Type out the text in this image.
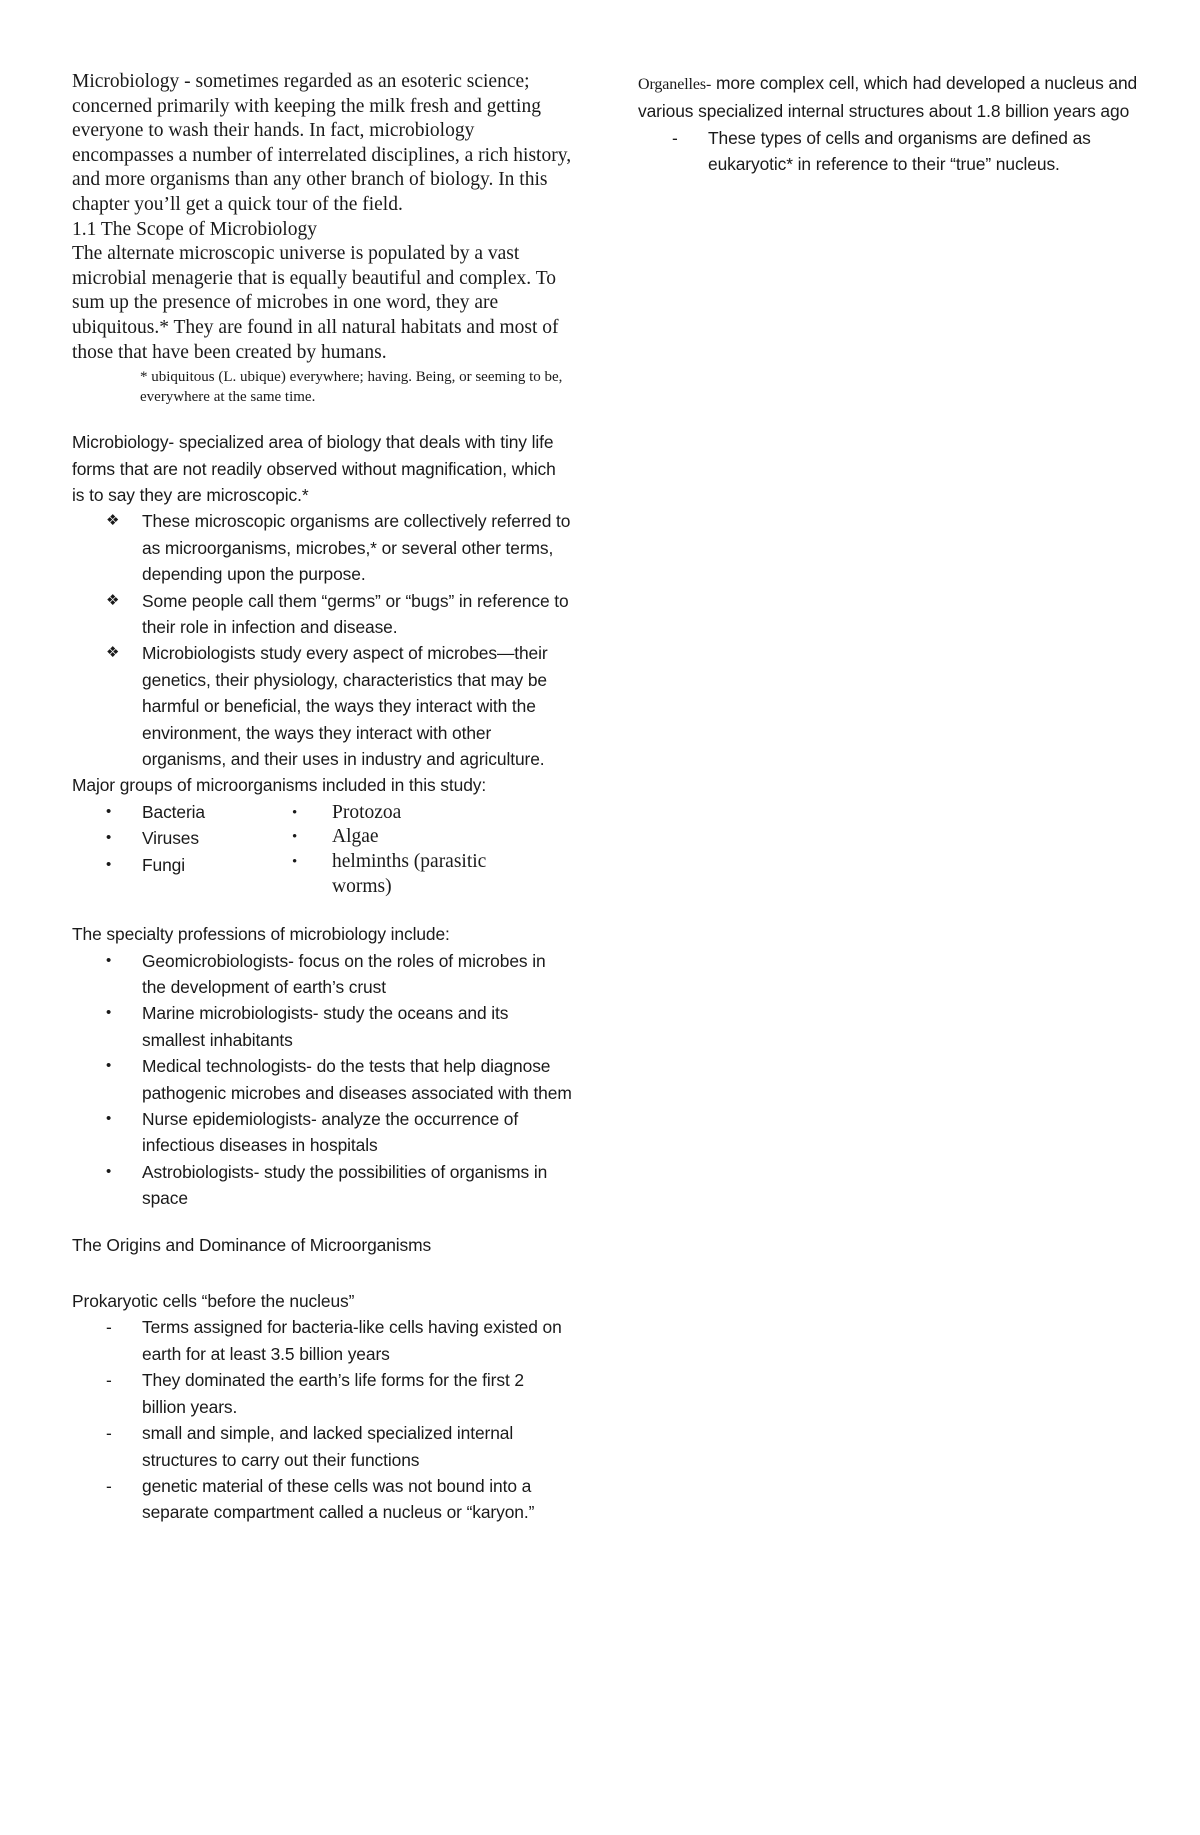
Microbiology - sometimes regarded as an esoteric science; concerned primarily with keeping the milk fresh and getting everyone to wash their hands. In fact, microbiology encompasses a number of interrelated disciplines, a rich history, and more organisms than any other branch of biology. In this chapter you’ll get a quick tour of the field.

1.1 The Scope of Microbiology

The alternate microscopic universe is populated by a vast microbial menagerie that is equally beautiful and complex. To sum up the presence of microbes in one word, they are ubiquitous.* They are found in all natural habitats and most of those that have been created by humans.

* ubiquitous (L. ubique) everywhere; having. Being, or seeming to be, everywhere at the same time.

Microbiology- specialized area of biology that deals with tiny life forms that are not readily observed without magnification, which is to say they are microscopic.*

❖ These microscopic organisms are collectively referred to as microorganisms, microbes,* or several other terms, depending upon the purpose.
❖ Some people call them “germs” or “bugs” in reference to their role in infection and disease.
❖ Microbiologists study every aspect of microbes—their genetics, their physiology, characteristics that may be harmful or beneficial, the ways they interact with the environment, the ways they interact with other organisms, and their uses in industry and agriculture.

Major groups of microorganisms included in this study:

• Bacteria
• Viruses
• Fungi
• Protozoa
• Algae
• helminths (parasitic worms)

The specialty professions of microbiology include:

• Geomicrobiologists- focus on the roles of microbes in the development of earth’s crust
• Marine microbiologists- study the oceans and its smallest inhabitants
• Medical technologists- do the tests that help diagnose pathogenic microbes and diseases associated with them
• Nurse epidemiologists- analyze the occurrence of infectious diseases in hospitals
• Astrobiologists- study the possibilities of organisms in space

The Origins and Dominance of Microorganisms

Prokaryotic cells “before the nucleus”

- Terms assigned for bacteria-like cells having existed on earth for at least 3.5 billion years
- They dominated the earth’s life forms for the first 2 billion years.
- small and simple, and lacked specialized internal structures to carry out their functions
- genetic material of these cells was not bound into a separate compartment called a nucleus or “karyon.”

Organelles- more complex cell, which had developed a nucleus and various specialized internal structures about 1.8 billion years ago

- These types of cells and organisms are defined as eukaryotic* in reference to their “true” nucleus.
